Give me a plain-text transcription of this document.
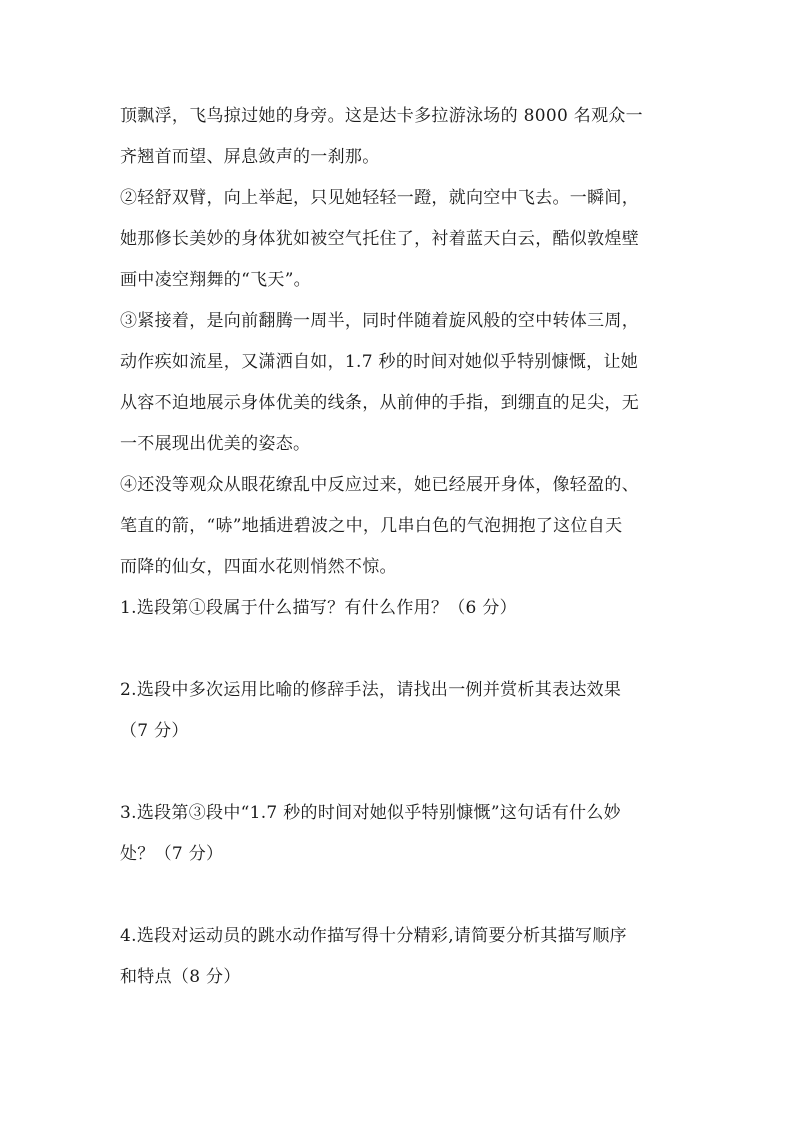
顶飘浮，飞鸟掠过她的身旁。这是达卡多拉游泳场的 8000 名观众一
齐翘首而望、屏息敛声的一刹那。
②轻舒双臂，向上举起，只见她轻轻一蹬，就向空中飞去。一瞬间，
她那修长美妙的身体犹如被空气托住了，衬着蓝天白云，酷似敦煌壁
画中凌空翔舞的“飞天”。
③紧接着，是向前翻腾一周半，同时伴随着旋风般的空中转体三周，
动作疾如流星，又潇洒自如，1.7 秒的时间对她似乎特别慷慨，让她
从容不迫地展示身体优美的线条，从前伸的手指，到绷直的足尖，无
一不展现出优美的姿态。
④还没等观众从眼花缭乱中反应过来，她已经展开身体，像轻盈的、
笔直的箭，“哧”地插进碧波之中，几串白色的气泡拥抱了这位自天
而降的仙女，四面水花则悄然不惊。
1.选段第①段属于什么描写？有什么作用？（6 分）
2.选段中多次运用比喻的修辞手法，请找出一例并赏析其表达效果
（7 分）
3.选段第③段中“1.7 秒的时间对她似乎特别慷慨”这句话有什么妙
处？（7 分）
4.选段对运动员的跳水动作描写得十分精彩,请简要分析其描写顺序
和特点（8 分）
